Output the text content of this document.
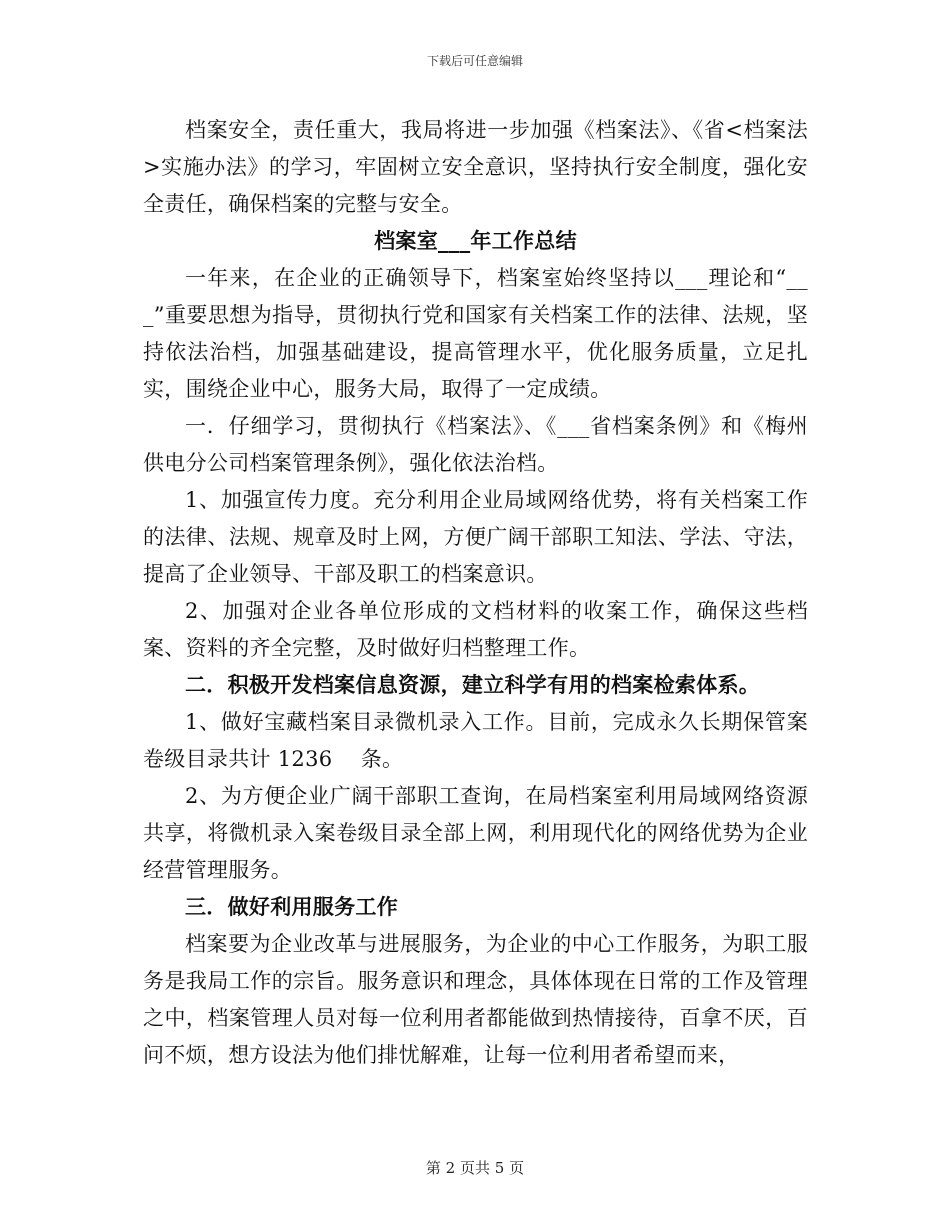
下载后可任意编辑

档案安全，责任重大，我局将进一步加强《档案法》、《省<档案法>实施办法》的学习，牢固树立安全意识，坚持执行安全制度，强化安全责任，确保档案的完整与安全。

档案室___年工作总结

一年来，在企业的正确领导下，档案室始终坚持以___理论和“___”重要思想为指导，贯彻执行党和国家有关档案工作的法律、法规，坚持依法治档，加强基础建设，提高管理水平，优化服务质量，立足扎实，围绕企业中心，服务大局，取得了一定成绩。

一．仔细学习，贯彻执行《档案法》、《___省档案条例》和《梅州供电分公司档案管理条例》，强化依法治档。

1、加强宣传力度。充分利用企业局域网络优势，将有关档案工作的法律、法规、规章及时上网，方便广阔干部职工知法、学法、守法，提高了企业领导、干部及职工的档案意识。

2、加强对企业各单位形成的文档材料的收案工作，确保这些档案、资料的齐全完整，及时做好归档整理工作。

二．积极开发档案信息资源，建立科学有用的档案检索体系。

1、做好宝藏档案目录微机录入工作。目前，完成永久长期保管案卷级目录共计 1236　 条。

2、为方便企业广阔干部职工查询，在局档案室利用局域网络资源共享，将微机录入案卷级目录全部上网，利用现代化的网络优势为企业经营管理服务。

三．做好利用服务工作

档案要为企业改革与进展服务，为企业的中心工作服务，为职工服务是我局工作的宗旨。服务意识和理念，具体体现在日常的工作及管理之中，档案管理人员对每一位利用者都能做到热情接待，百拿不厌，百问不烦，想方设法为他们排忧解难，让每一位利用者希望而来，

第 2 页共 5 页
